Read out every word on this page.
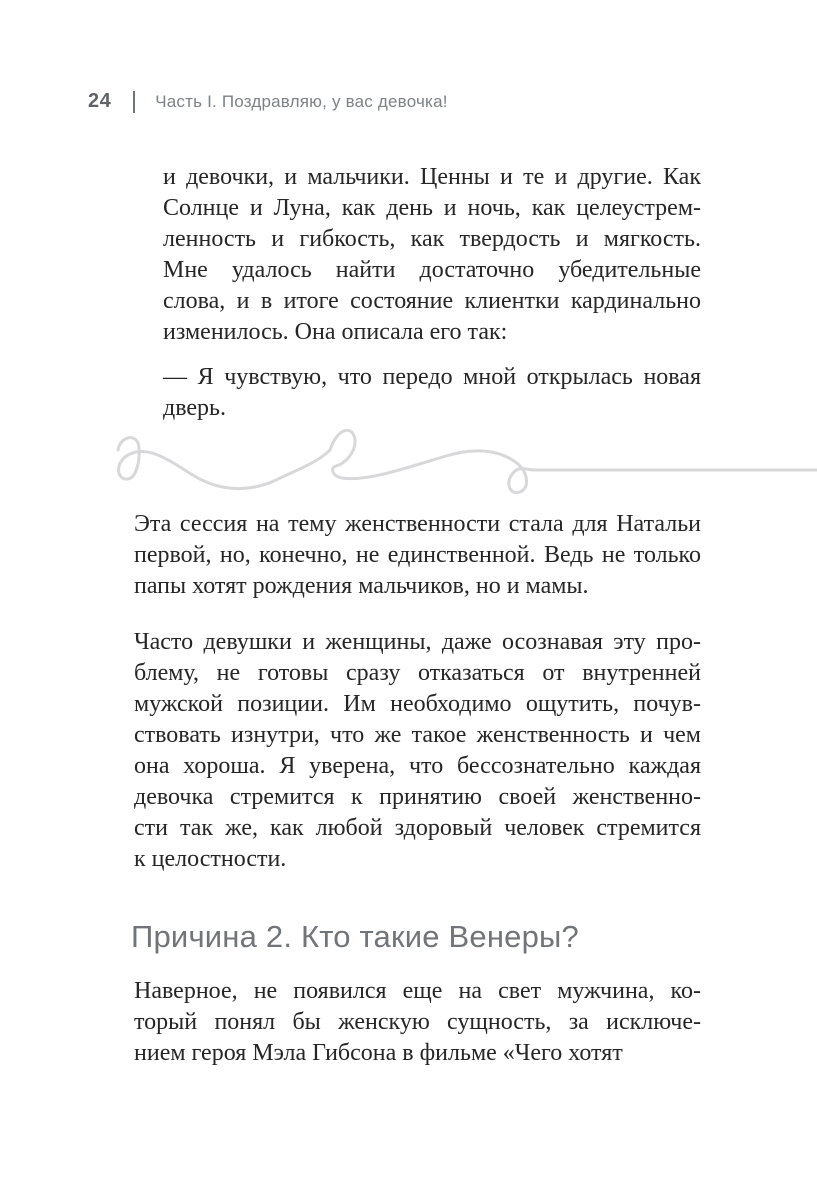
24	Часть I. Поздравляю, у вас девочка!
и девочки, и мальчики. Ценны и те и другие. Как
Солнце и Луна, как день и ночь, как целеустрем-
ленность и гибкость, как твердость и мягкость.
Мне удалось найти достаточно убедительные
слова, и в итоге состояние клиентки кардинально
изменилось. Она описала его так:
— Я чувствую, что передо мной открылась новая
дверь.
Эта сессия на тему женственности стала для Натальи
первой, но, конечно, не единственной. Ведь не только
папы хотят рождения мальчиков, но и мамы.
Часто девушки и женщины, даже осознавая эту про-
блему, не готовы сразу отказаться от внутренней
мужской позиции. Им необходимо ощутить, почув-
ствовать изнутри, что же такое женственность и чем
она хороша. Я уверена, что бессознательно каждая
девочка стремится к принятию своей женственно-
сти так же, как любой здоровый человек стремится
к целостности.
Причина 2. Кто такие Венеры?
Наверное, не появился еще на свет мужчина, ко-
торый понял бы женскую сущность, за исключе-
нием героя Мэла Гибсона в фильме «Чего хотят
